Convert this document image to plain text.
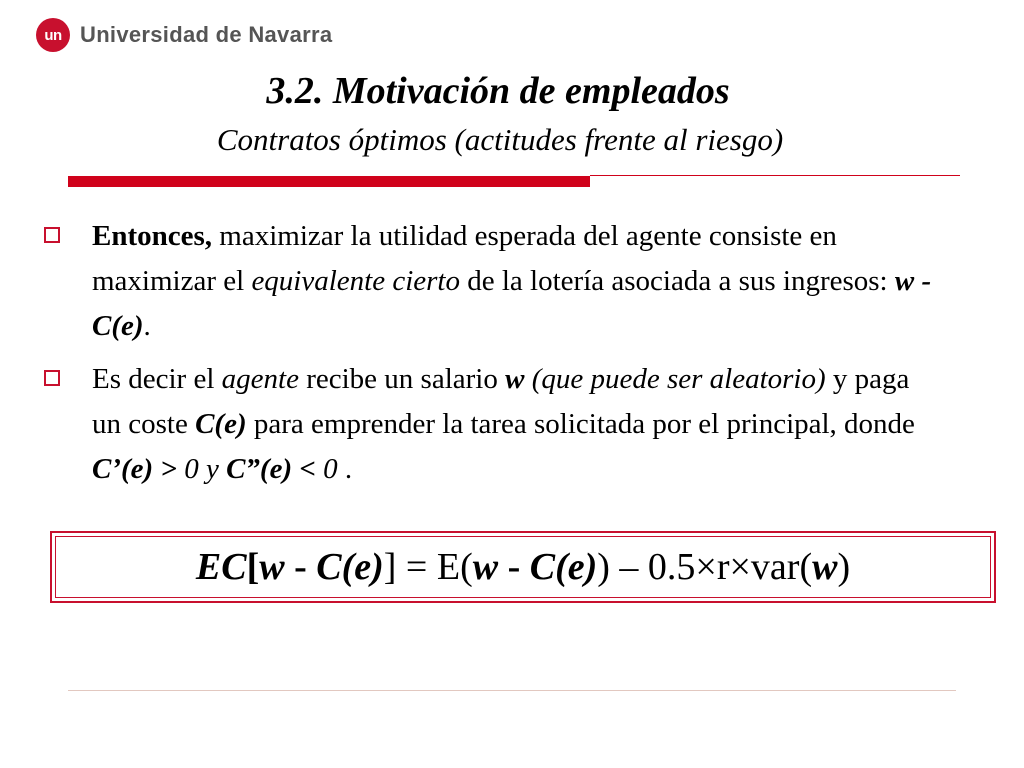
un Universidad de Navarra
3.2. Motivación de empleados
Contratos óptimos (actitudes frente al riesgo)
Entonces, maximizar la utilidad esperada del agente consiste en maximizar el equivalente cierto de la lotería asociada a sus ingresos: w - C(e).
Es decir el agente recibe un salario w (que puede ser aleatorio) y paga un coste C(e) para emprender la tarea solicitada por el principal, donde C’(e) > 0 y C”(e) < 0 .
EC[w - C(e)] = E(w - C(e)) – 0.5×r×var(w)
